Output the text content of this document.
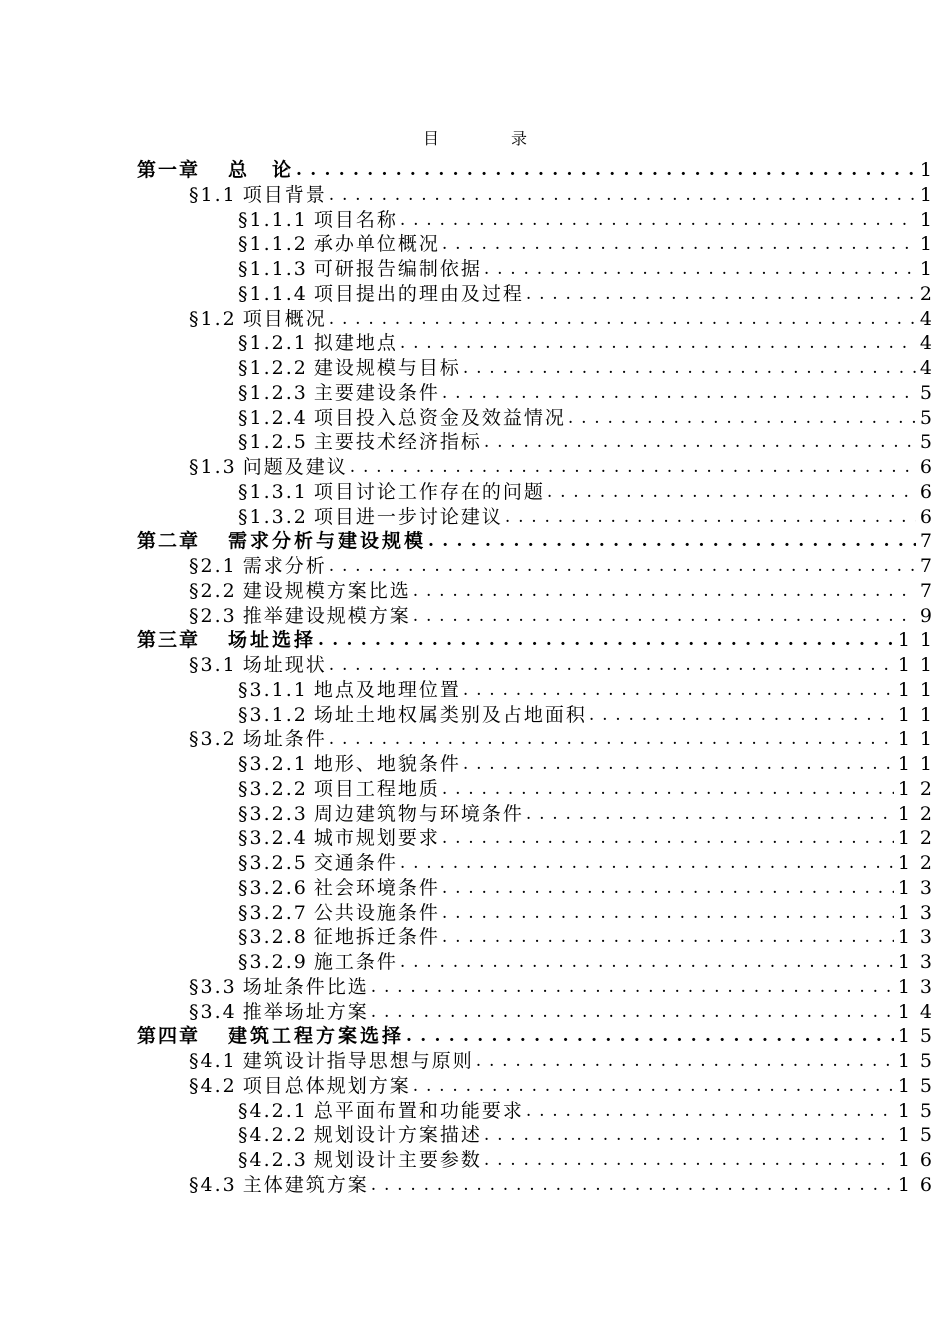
目　录
第一章 总　论 . . .	1
§1.1 项目背景 . . .	1
§1.1.1 项目名称 . . .	1
§1.1.2 承办单位概况 . . .	1
§1.1.3 可研报告编制依据 . . .	1
§1.1.4 项目提出的理由及过程 . . .	2
§1.2 项目概况 . . .	4
§1.2.1 拟建地点 . . .	4
§1.2.2 建设规模与目标 . . .	4
§1.2.3 主要建设条件 . . .	5
§1.2.4 项目投入总资金及效益情况 . . .	5
§1.2.5 主要技术经济指标 . . .	5
§1.3 问题及建议 . . .	6
§1.3.1 项目讨论工作存在的问题 . . .	6
§1.3.2 项目进一步讨论建议 . . .	6
第二章 需求分析与建设规模 . . .	7
§2.1 需求分析 . . .	7
§2.2 建设规模方案比选 . . .	7
§2.3 推举建设规模方案 . . .	9
第三章 场址选择 . . .	11
§3.1 场址现状 . . .	11
§3.1.1 地点及地理位置 . . .	11
§3.1.2 场址土地权属类别及占地面积 . . .	11
§3.2 场址条件 . . .	11
§3.2.1 地形、地貌条件 . . .	11
§3.2.2 项目工程地质 . . .	12
§3.2.3 周边建筑物与环境条件 . . .	12
§3.2.4 城市规划要求 . . .	12
§3.2.5 交通条件 . . .	12
§3.2.6 社会环境条件 . . .	13
§3.2.7 公共设施条件 . . .	13
§3.2.8 征地拆迁条件 . . .	13
§3.2.9 施工条件 . . .	13
§3.3 场址条件比选 . . .	13
§3.4 推举场址方案 . . .	14
第四章 建筑工程方案选择 . . .	15
§4.1 建筑设计指导思想与原则 . . .	15
§4.2 项目总体规划方案 . . .	15
§4.2.1 总平面布置和功能要求 . . .	15
§4.2.2 规划设计方案描述 . . .	15
§4.2.3 规划设计主要参数 . . .	16
§4.3 主体建筑方案 . . .	16
